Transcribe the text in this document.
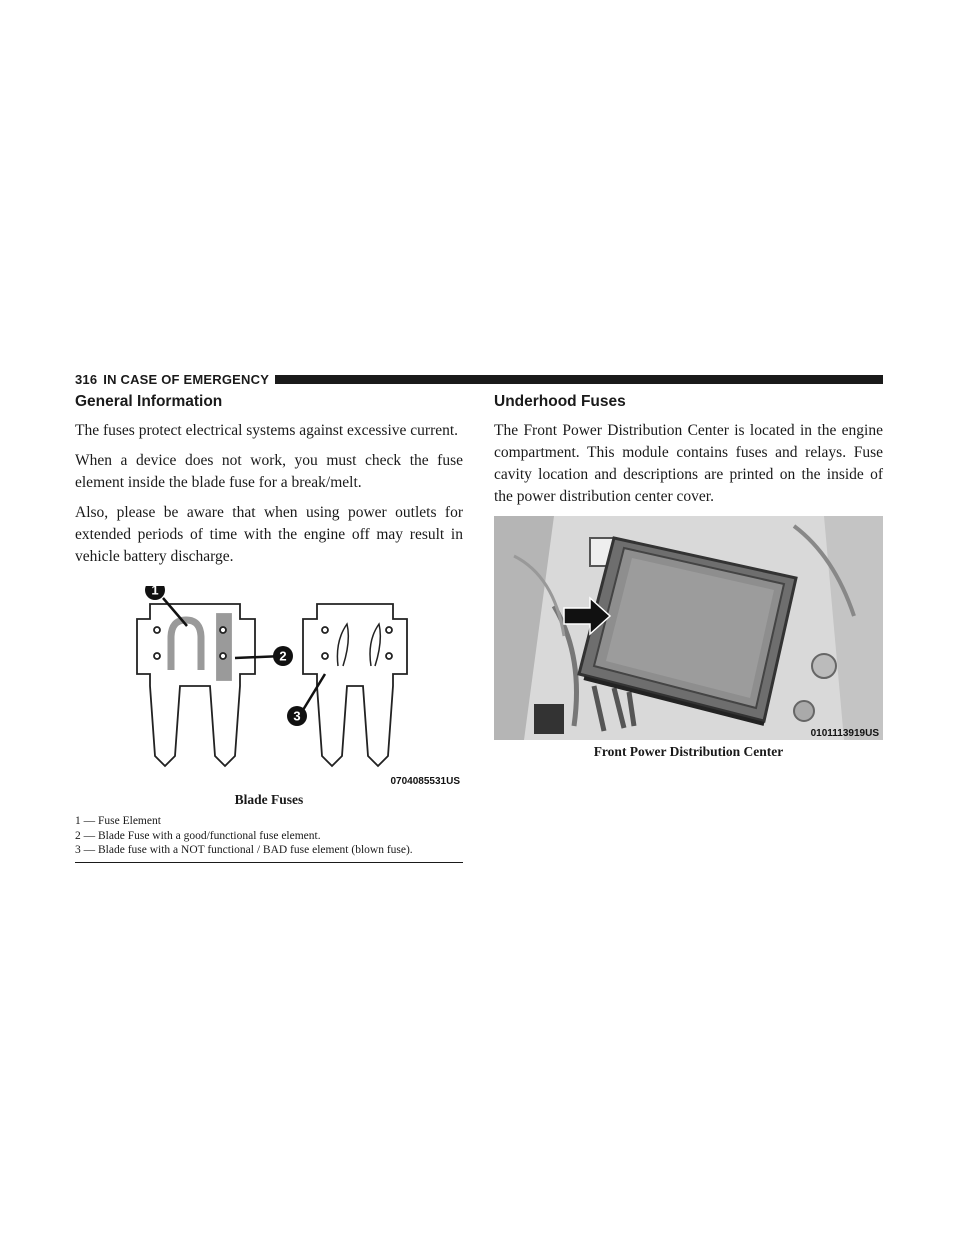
316 IN CASE OF EMERGENCY
General Information

The fuses protect electrical systems against excessive current.

When a device does not work, you must check the fuse element inside the blade fuse for a break/melt.

Also, please be aware that when using power outlets for extended periods of time with the engine off may result in vehicle battery discharge.

1
2
3
0704085531US
Blade Fuses
1 — Fuse Element
2 — Blade Fuse with a good/functional fuse element.
3 — Blade fuse with a NOT functional / BAD fuse element (blown fuse).
Underhood Fuses

The Front Power Distribution Center is located in the engine compartment. This module contains fuses and relays. Fuse cavity location and descriptions are printed on the inside of the power distribution center cover.

0101113919US
Front Power Distribution Center
